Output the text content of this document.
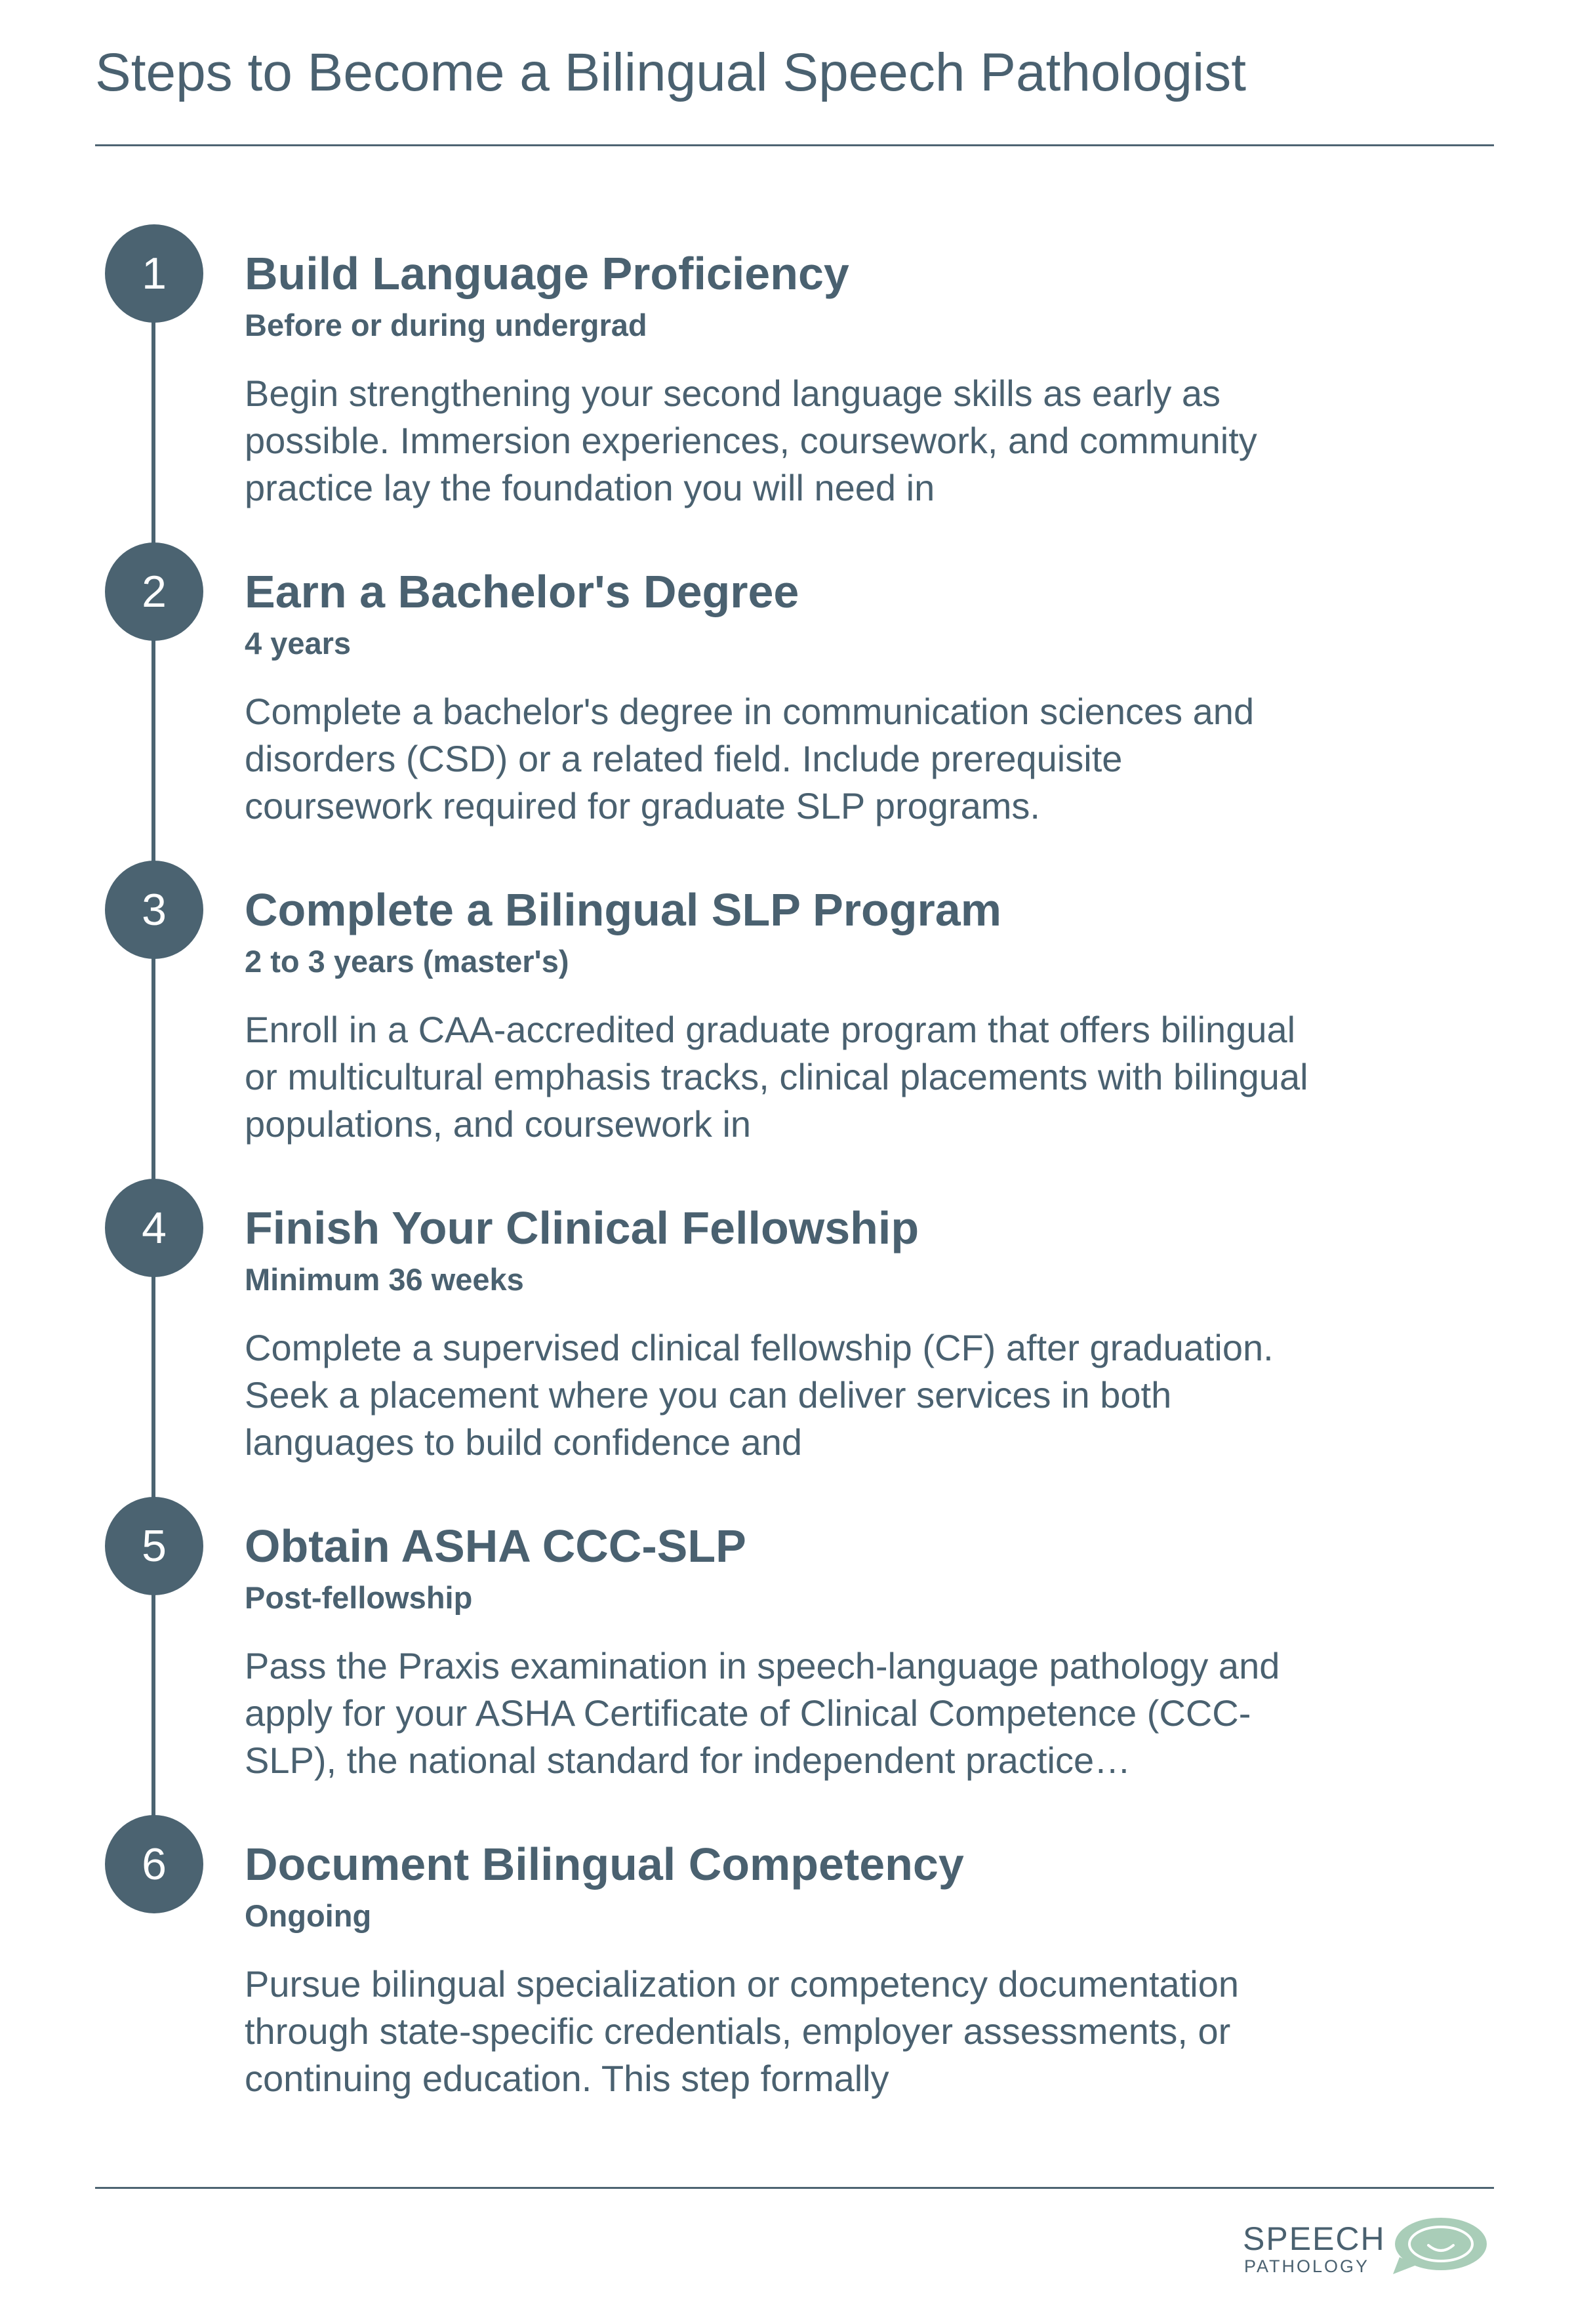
Steps to Become a Bilingual Speech Pathologist
1	Build Language Proficiency
Before or during undergrad

Begin strengthening your second language skills as early as possible. Immersion experiences, coursework, and community practice lay the foundation you will need in

2	Earn a Bachelor's Degree
4 years

Complete a bachelor's degree in communication sciences and disorders (CSD) or a related field. Include prerequisite coursework required for graduate SLP programs.

3	Complete a Bilingual SLP Program
2 to 3 years (master's)

Enroll in a CAA-accredited graduate program that offers bilingual or multicultural emphasis tracks, clinical placements with bilingual populations, and coursework in

4	Finish Your Clinical Fellowship
Minimum 36 weeks

Complete a supervised clinical fellowship (CF) after graduation. Seek a placement where you can deliver services in both languages to build confidence and

5	Obtain ASHA CCC-SLP
Post-fellowship

Pass the Praxis examination in speech-language pathology and apply for your ASHA Certificate of Clinical Competence (CCC-SLP), the national standard for independent practice…

6	Document Bilingual Competency
Ongoing

Pursue bilingual specialization or competency documentation through state-specific credentials, employer assessments, or continuing education. This step formally

SPEECH
PATHOLOGY
